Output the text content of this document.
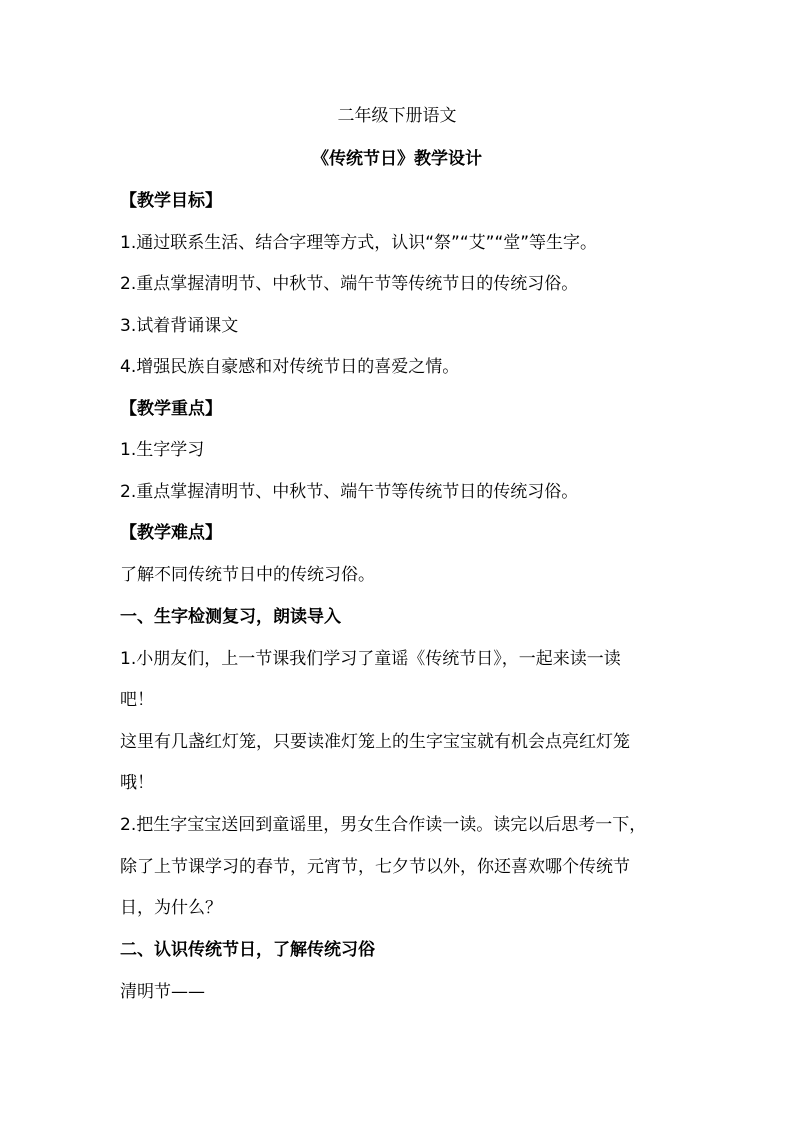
二年级下册语文
《传统节日》教学设计
【教学目标】
1.通过联系生活、结合字理等方式，认识“祭”“艾”“堂”等生字。
2.重点掌握清明节、中秋节、端午节等传统节日的传统习俗。
3.试着背诵课文
4.增强民族自豪感和对传统节日的喜爱之情。
【教学重点】
1.生字学习
2.重点掌握清明节、中秋节、端午节等传统节日的传统习俗。
【教学难点】
了解不同传统节日中的传统习俗。
一、生字检测复习，朗读导入
1.小朋友们，上一节课我们学习了童谣《传统节日》，一起来读一读
吧！
这里有几盏红灯笼，只要读准灯笼上的生字宝宝就有机会点亮红灯笼
哦！
2.把生字宝宝送回到童谣里，男女生合作读一读。读完以后思考一下，
除了上节课学习的春节，元宵节，七夕节以外，你还喜欢哪个传统节
日，为什么？
二、认识传统节日，了解传统习俗
清明节——
